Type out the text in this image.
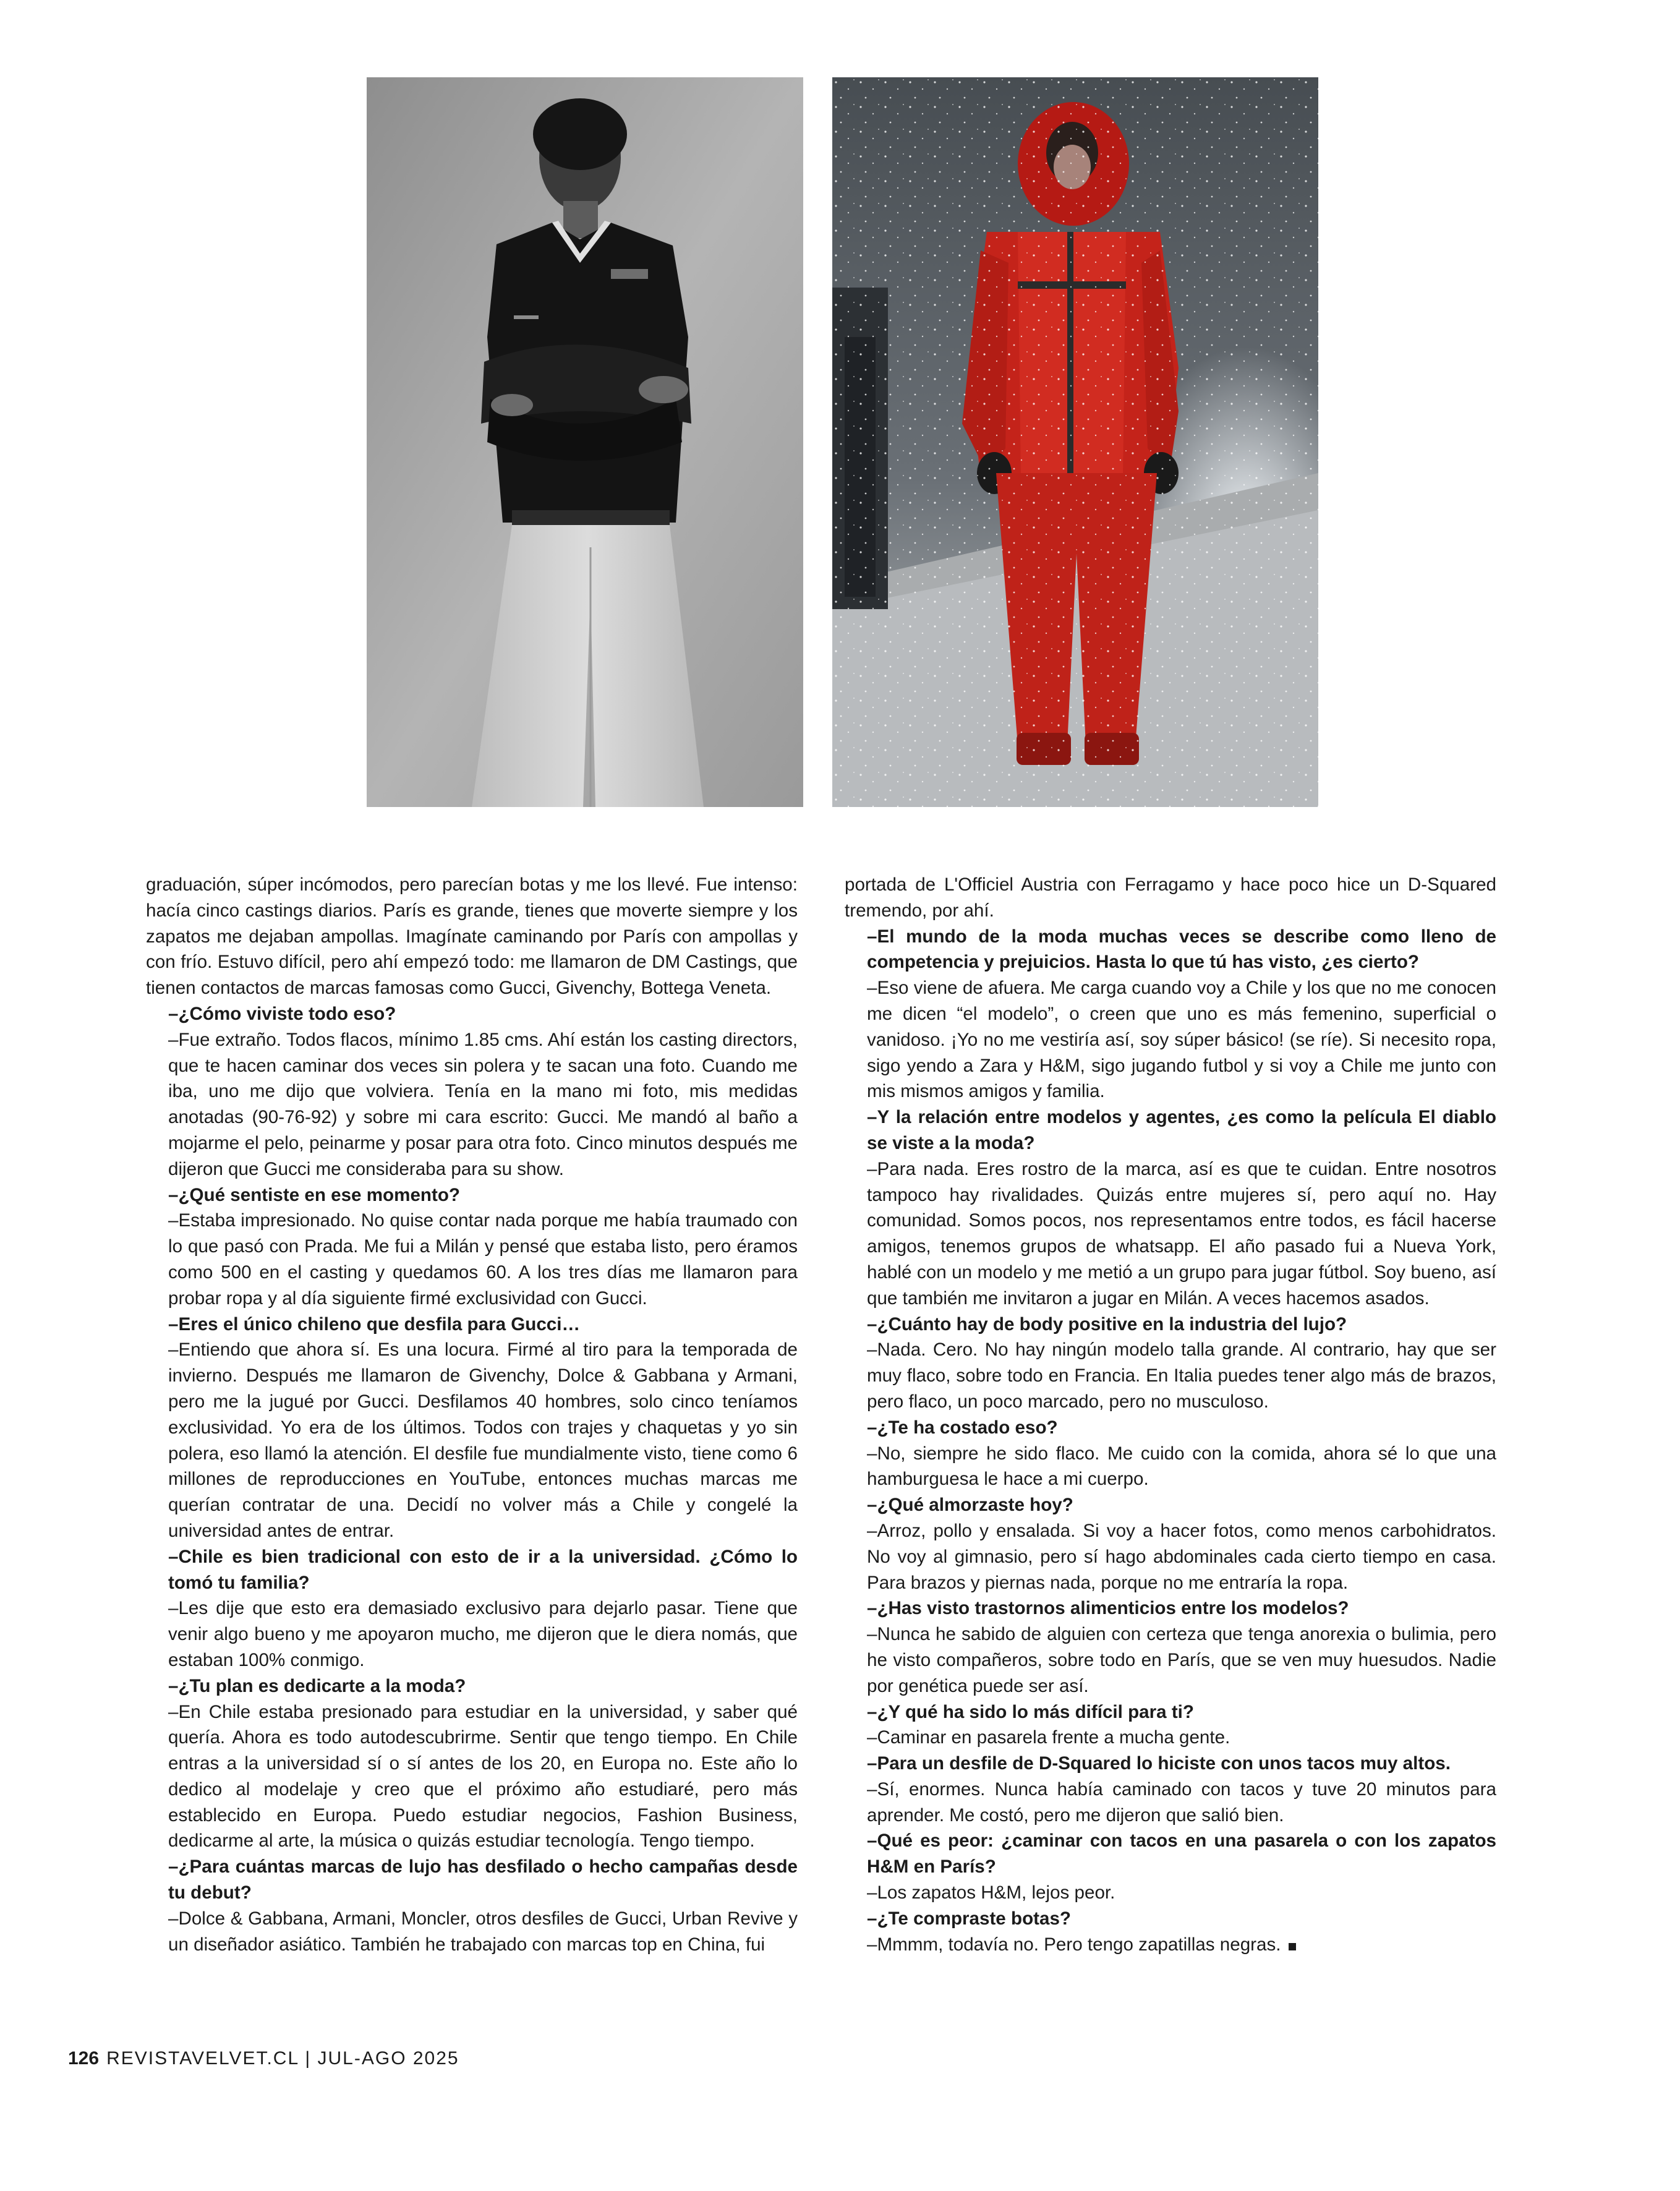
graduación, súper incómodos, pero parecían botas y me los llevé. Fue intenso: hacía cinco castings diarios. París es grande, tienes que moverte siempre y los zapatos me dejaban ampollas. Imagínate caminando por París con ampollas y con frío. Estuvo difícil, pero ahí empezó todo: me llamaron de DM Castings, que tienen contactos de marcas famosas como Gucci, Givenchy, Bottega Veneta.

–¿Cómo viviste todo eso?

–Fue extraño. Todos flacos, mínimo 1.85 cms. Ahí están los casting directors, que te hacen caminar dos veces sin polera y te sacan una foto. Cuando me iba, uno me dijo que volviera. Tenía en la mano mi foto, mis medidas anotadas (90-76-92) y sobre mi cara escrito: Gucci. Me mandó al baño a mojarme el pelo, peinarme y posar para otra foto. Cinco minutos después me dijeron que Gucci me consideraba para su show.

–¿Qué sentiste en ese momento?

–Estaba impresionado. No quise contar nada porque me había traumado con lo que pasó con Prada. Me fui a Milán y pensé que estaba listo, pero éramos como 500 en el casting y quedamos 60. A los tres días me llamaron para probar ropa y al día siguiente firmé exclusividad con Gucci.

–Eres el único chileno que desfila para Gucci…

–Entiendo que ahora sí. Es una locura. Firmé al tiro para la temporada de invierno. Después me llamaron de Givenchy, Dolce & Gabbana y Armani, pero me la jugué por Gucci. Desfilamos 40 hombres, solo cinco teníamos exclusividad. Yo era de los últimos. Todos con trajes y chaquetas y yo sin polera, eso llamó la atención. El desfile fue mundialmente visto, tiene como 6 millones de reproducciones en YouTube, entonces muchas marcas me querían contratar de una. Decidí no volver más a Chile y congelé la universidad antes de entrar.

–Chile es bien tradicional con esto de ir a la universidad. ¿Cómo lo tomó tu familia?

–Les dije que esto era demasiado exclusivo para dejarlo pasar. Tiene que venir algo bueno y me apoyaron mucho, me dijeron que le diera nomás, que estaban 100% conmigo.

–¿Tu plan es dedicarte a la moda?

–En Chile estaba presionado para estudiar en la universidad, y saber qué quería. Ahora es todo autodescubrirme. Sentir que tengo tiempo. En Chile entras a la universidad sí o sí antes de los 20, en Europa no. Este año lo dedico al modelaje y creo que el próximo año estudiaré, pero más establecido en Europa. Puedo estudiar negocios, Fashion Business, dedicarme al arte, la música o quizás estudiar tecnología. Tengo tiempo.

–¿Para cuántas marcas de lujo has desfilado o hecho campañas desde tu debut?

–Dolce & Gabbana, Armani, Moncler, otros desfiles de Gucci, Urban Revive y un diseñador asiático. También he trabajado con marcas top en China, fui

portada de L'Officiel Austria con Ferragamo y hace poco hice un D-Squared tremendo, por ahí.

–El mundo de la moda muchas veces se describe como lleno de competencia y prejuicios. Hasta lo que tú has visto, ¿es cierto?

–Eso viene de afuera. Me carga cuando voy a Chile y los que no me conocen me dicen “el modelo”, o creen que uno es más femenino, superficial o vanidoso. ¡Yo no me vestiría así, soy súper básico! (se ríe). Si necesito ropa, sigo yendo a Zara y H&M, sigo jugando futbol y si voy a Chile me junto con mis mismos amigos y familia.

–Y la relación entre modelos y agentes, ¿es como la película El diablo se viste a la moda?

–Para nada. Eres rostro de la marca, así es que te cuidan. Entre nosotros tampoco hay rivalidades. Quizás entre mujeres sí, pero aquí no. Hay comunidad. Somos pocos, nos representamos entre todos, es fácil hacerse amigos, tenemos grupos de whatsapp. El año pasado fui a Nueva York, hablé con un modelo y me metió a un grupo para jugar fútbol. Soy bueno, así que también me invitaron a jugar en Milán. A veces hacemos asados.

–¿Cuánto hay de body positive en la industria del lujo?

–Nada. Cero. No hay ningún modelo talla grande. Al contrario, hay que ser muy flaco, sobre todo en Francia. En Italia puedes tener algo más de brazos, pero flaco, un poco marcado, pero no musculoso.

–¿Te ha costado eso?

–No, siempre he sido flaco. Me cuido con la comida, ahora sé lo que una hamburguesa le hace a mi cuerpo.

–¿Qué almorzaste hoy?

–Arroz, pollo y ensalada. Si voy a hacer fotos, como menos carbohidratos. No voy al gimnasio, pero sí hago abdominales cada cierto tiempo en casa. Para brazos y piernas nada, porque no me entraría la ropa.

–¿Has visto trastornos alimenticios entre los modelos?

–Nunca he sabido de alguien con certeza que tenga anorexia o bulimia, pero he visto compañeros, sobre todo en París, que se ven muy huesudos. Nadie por genética puede ser así.

–¿Y qué ha sido lo más difícil para ti?

–Caminar en pasarela frente a mucha gente.

–Para un desfile de D-Squared lo hiciste con unos tacos muy altos.

–Sí, enormes. Nunca había caminado con tacos y tuve 20 minutos para aprender. Me costó, pero me dijeron que salió bien.

–Qué es peor: ¿caminar con tacos en una pasarela o con los zapatos H&M en París?

–Los zapatos H&M, lejos peor.

–¿Te compraste botas?

–Mmmm, todavía no. Pero tengo zapatillas negras.

126 REVISTAVELVET.CL | JUL-AGO 2025
